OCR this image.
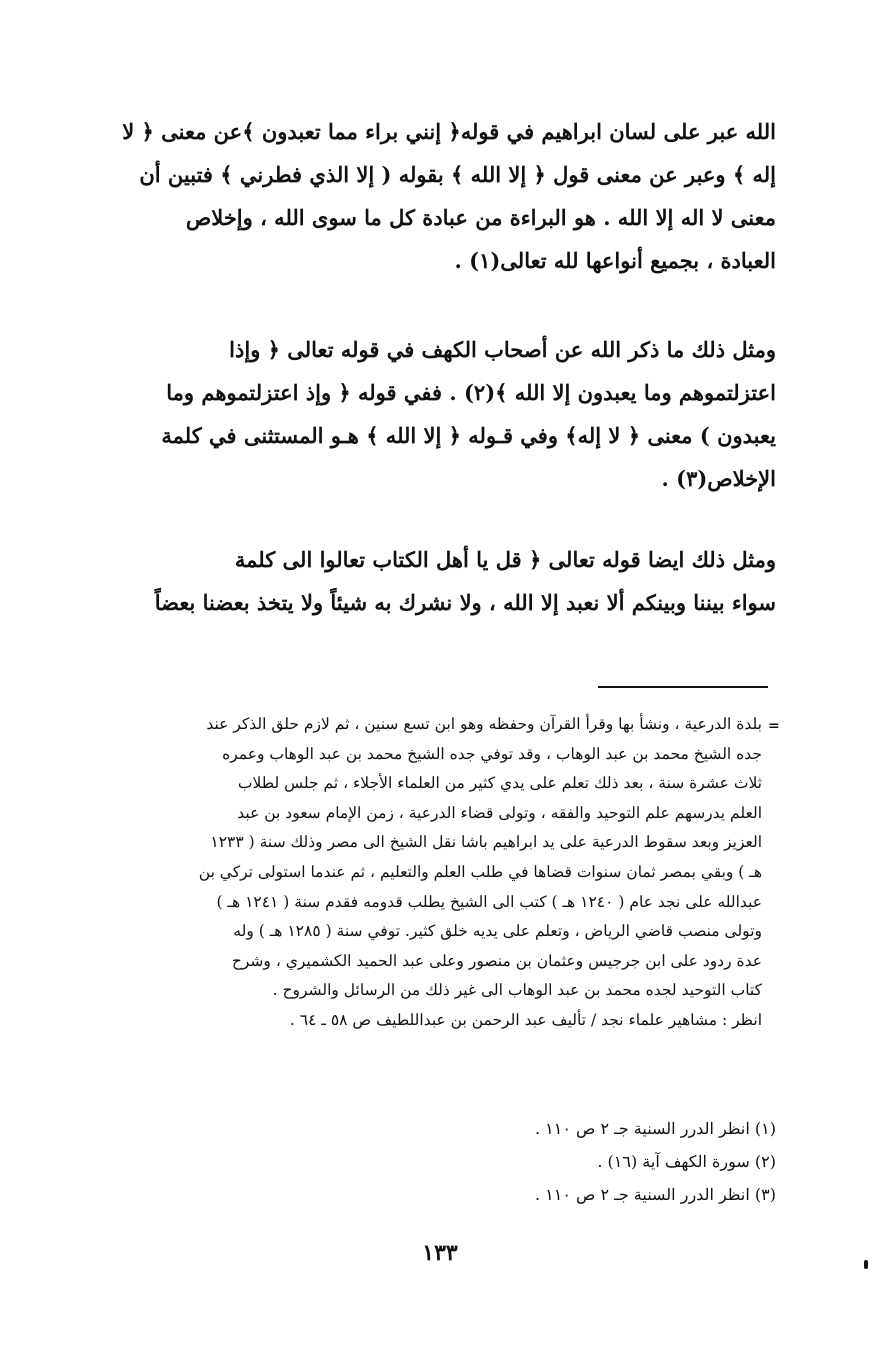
الله عبر على لسان ابراهيم في قوله﴿ إنني براء مما تعبدون ﴾عن معنى ﴿ لا
إله ﴾ وعبر عن معنى قول ﴿ إلا الله ﴾ بقوله ( إلا الذي فطرني ﴾ فتبين أن
معنى لا اله إلا الله . هو البراءة من عبادة كل ما سوى الله ، وإخلاص
العبادة ، بجميع أنواعها لله تعالى(١) .
ومثل ذلك ما ذكر الله عن أصحاب الكهف في قوله تعالى ﴿ وإذا
اعتزلتموهم وما يعبدون إلا الله ﴾(٢) . ففي قوله ﴿ وإذ اعتزلتموهم وما
يعبدون ) معنى ﴿ لا إله﴾ وفي قـوله ﴿ إلا الله ﴾ هـو المستثنى في كلمة
الإخلاص(٣) .
ومثل ذلك ايضا قوله تعالى ﴿ قل يا أهل الكتاب تعالوا الى كلمة
سواء بيننا وبينكم ألا نعبد إلا الله ، ولا نشرك به شيئاً ولا يتخذ بعضنا بعضاً
=
بلدة الدرعية ، ونشأ بها وقرأ القرآن وحفظه وهو ابن تسع سنين ، ثم لازم حلق الذكر عند
جده الشيخ محمد بن عبد الوهاب ، وقد توفي جده الشيخ محمد بن عبد الوهاب وعمره
ثلاث عشرة سنة ، بعد ذلك تعلم على يدي كثير من العلماء الأجلاء ، ثم جلس لطلاب
العلم يدرسهم علم التوحيد والفقه ، وتولى قضاء الدرعية ، زمن الإمام سعود بن عبد
العزيز وبعد سقوط الدرعية على يد ابراهيم باشا نقل الشيخ الى مصر وذلك سنة ( ١٢٣٣
هـ ) وبقي بمصر ثمان سنوات قضاها في طلب العلم والتعليم ، ثم عندما استولى تركي بن
عبدالله على نجد عام ( ١٢٤٠ هـ ) كتب الى الشيخ يطلب قدومه فقدم سنة ( ١٢٤١ هـ )
وتولى منصب قاضي الرياض ، وتعلم على يديه خلق كثير. توفي سنة ( ١٢٨٥ هـ ) وله
عدة ردود على ابن جرجيس وعثمان بن منصور وعلى عبد الحميد الكشميري ، وشرح
كتاب التوحيد لجده محمد بن عبد الوهاب الى غير ذلك من الرسائل والشروح .
انظر : مشاهير علماء نجد / تأليف عبد الرحمن بن عبداللطيف ص ٥٨ ـ ٦٤ .
(١) انظر الدرر السنية جـ ٢ ص ١١٠ .
(٢) سورة الكهف آية (١٦) .
(٣) انظر الدرر السنية جـ ٢ ص ١١٠ .
١٣٣
